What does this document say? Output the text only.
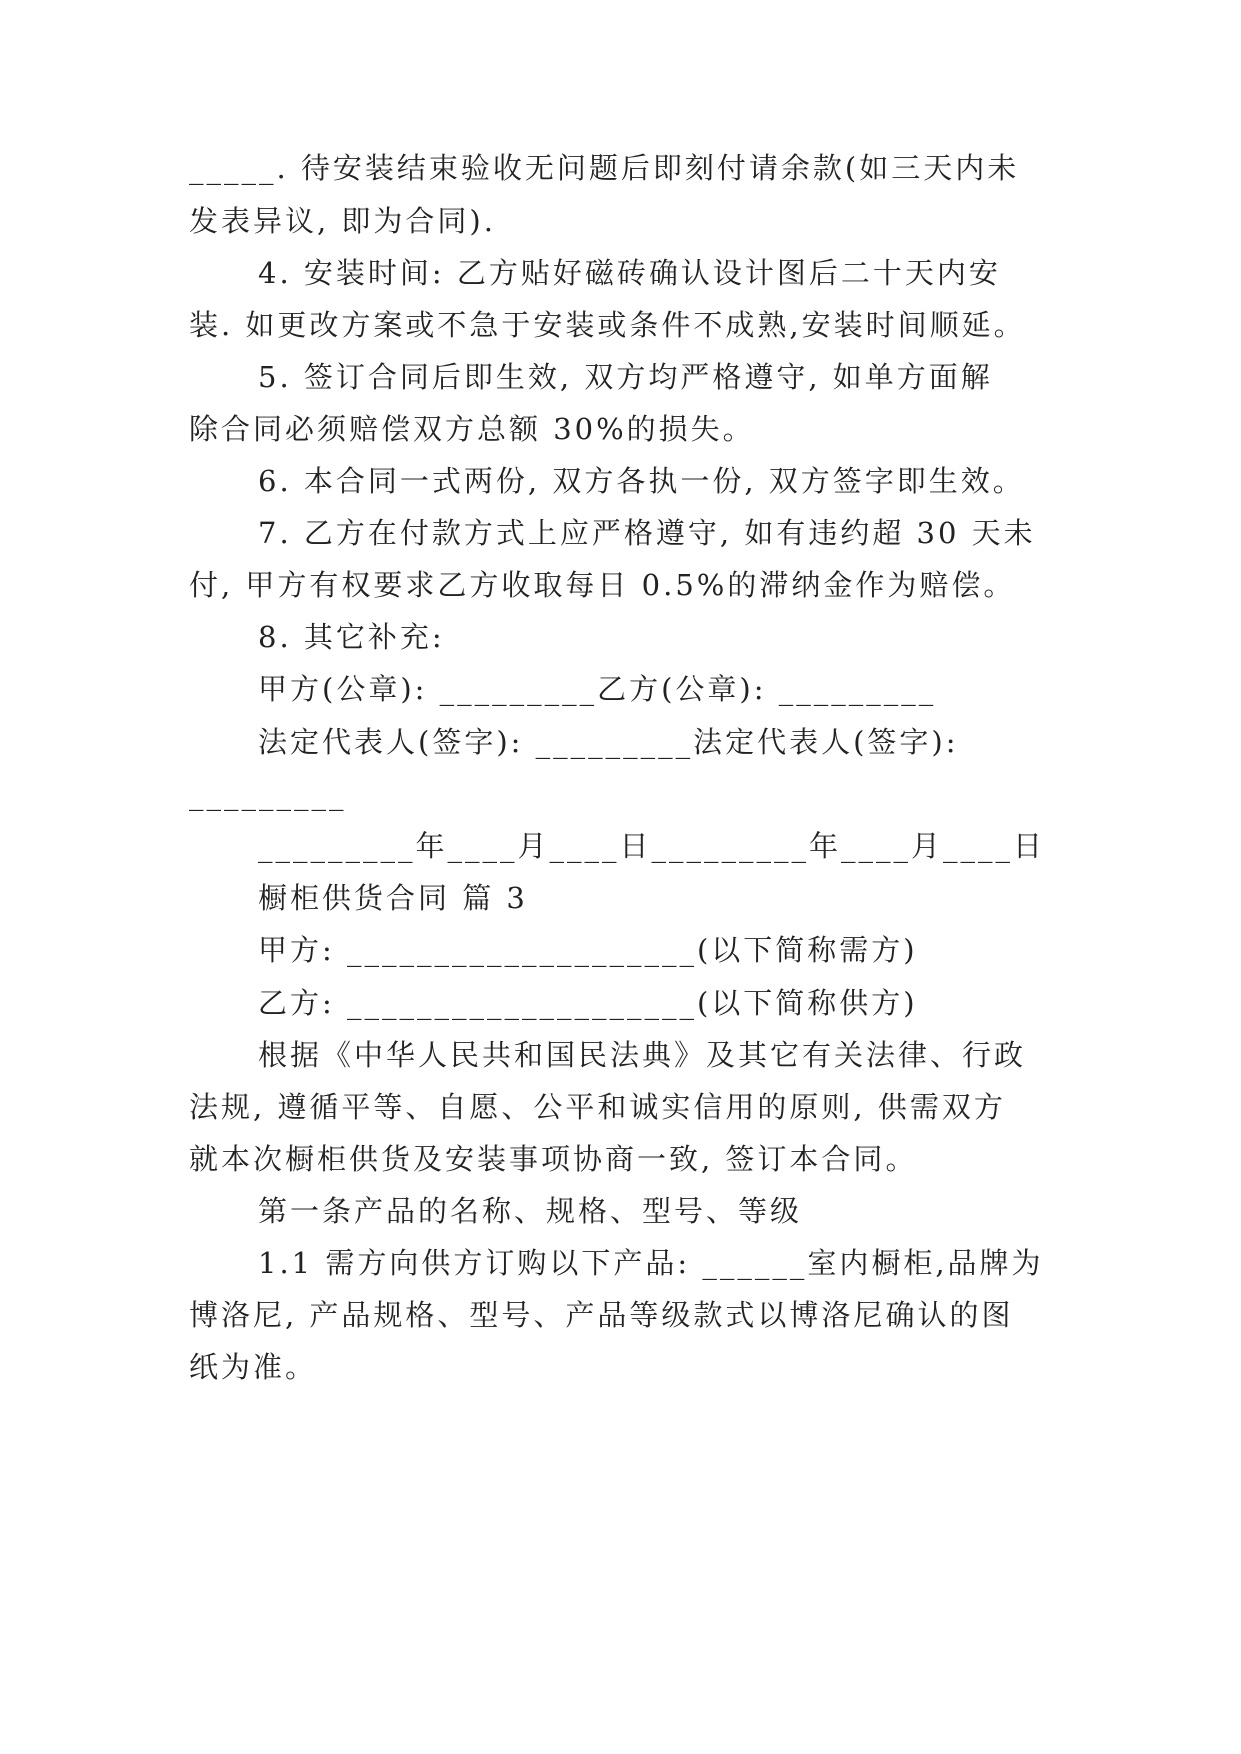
_____. 待安装结束验收无问题后即刻付请余款(如三天内未
发表异议, 即为合同).
4. 安装时间: 乙方贴好磁砖确认设计图后二十天内安
装. 如更改方案或不急于安装或条件不成熟,安装时间顺延。
5. 签订合同后即生效, 双方均严格遵守, 如单方面解
除合同必须赔偿双方总额 30%的损失。
6. 本合同一式两份, 双方各执一份, 双方签字即生效。
7. 乙方在付款方式上应严格遵守, 如有违约超 30 天未
付, 甲方有权要求乙方收取每日 0.5%的滞纳金作为赔偿。
8. 其它补充:
甲方(公章): _________乙方(公章): _________
法定代表人(签字): _________法定代表人(签字):
_________
_________年____月____日_________年____月____日
橱柜供货合同 篇 3
甲方: ____________________(以下简称需方)
乙方: ____________________(以下简称供方)
根据《中华人民共和国民法典》及其它有关法律、行政
法规, 遵循平等、自愿、公平和诚实信用的原则, 供需双方
就本次橱柜供货及安装事项协商一致, 签订本合同。
第一条产品的名称、规格、型号、等级
1.1 需方向供方订购以下产品: ______室内橱柜,品牌为
博洛尼, 产品规格、型号、产品等级款式以博洛尼确认的图
纸为准。
